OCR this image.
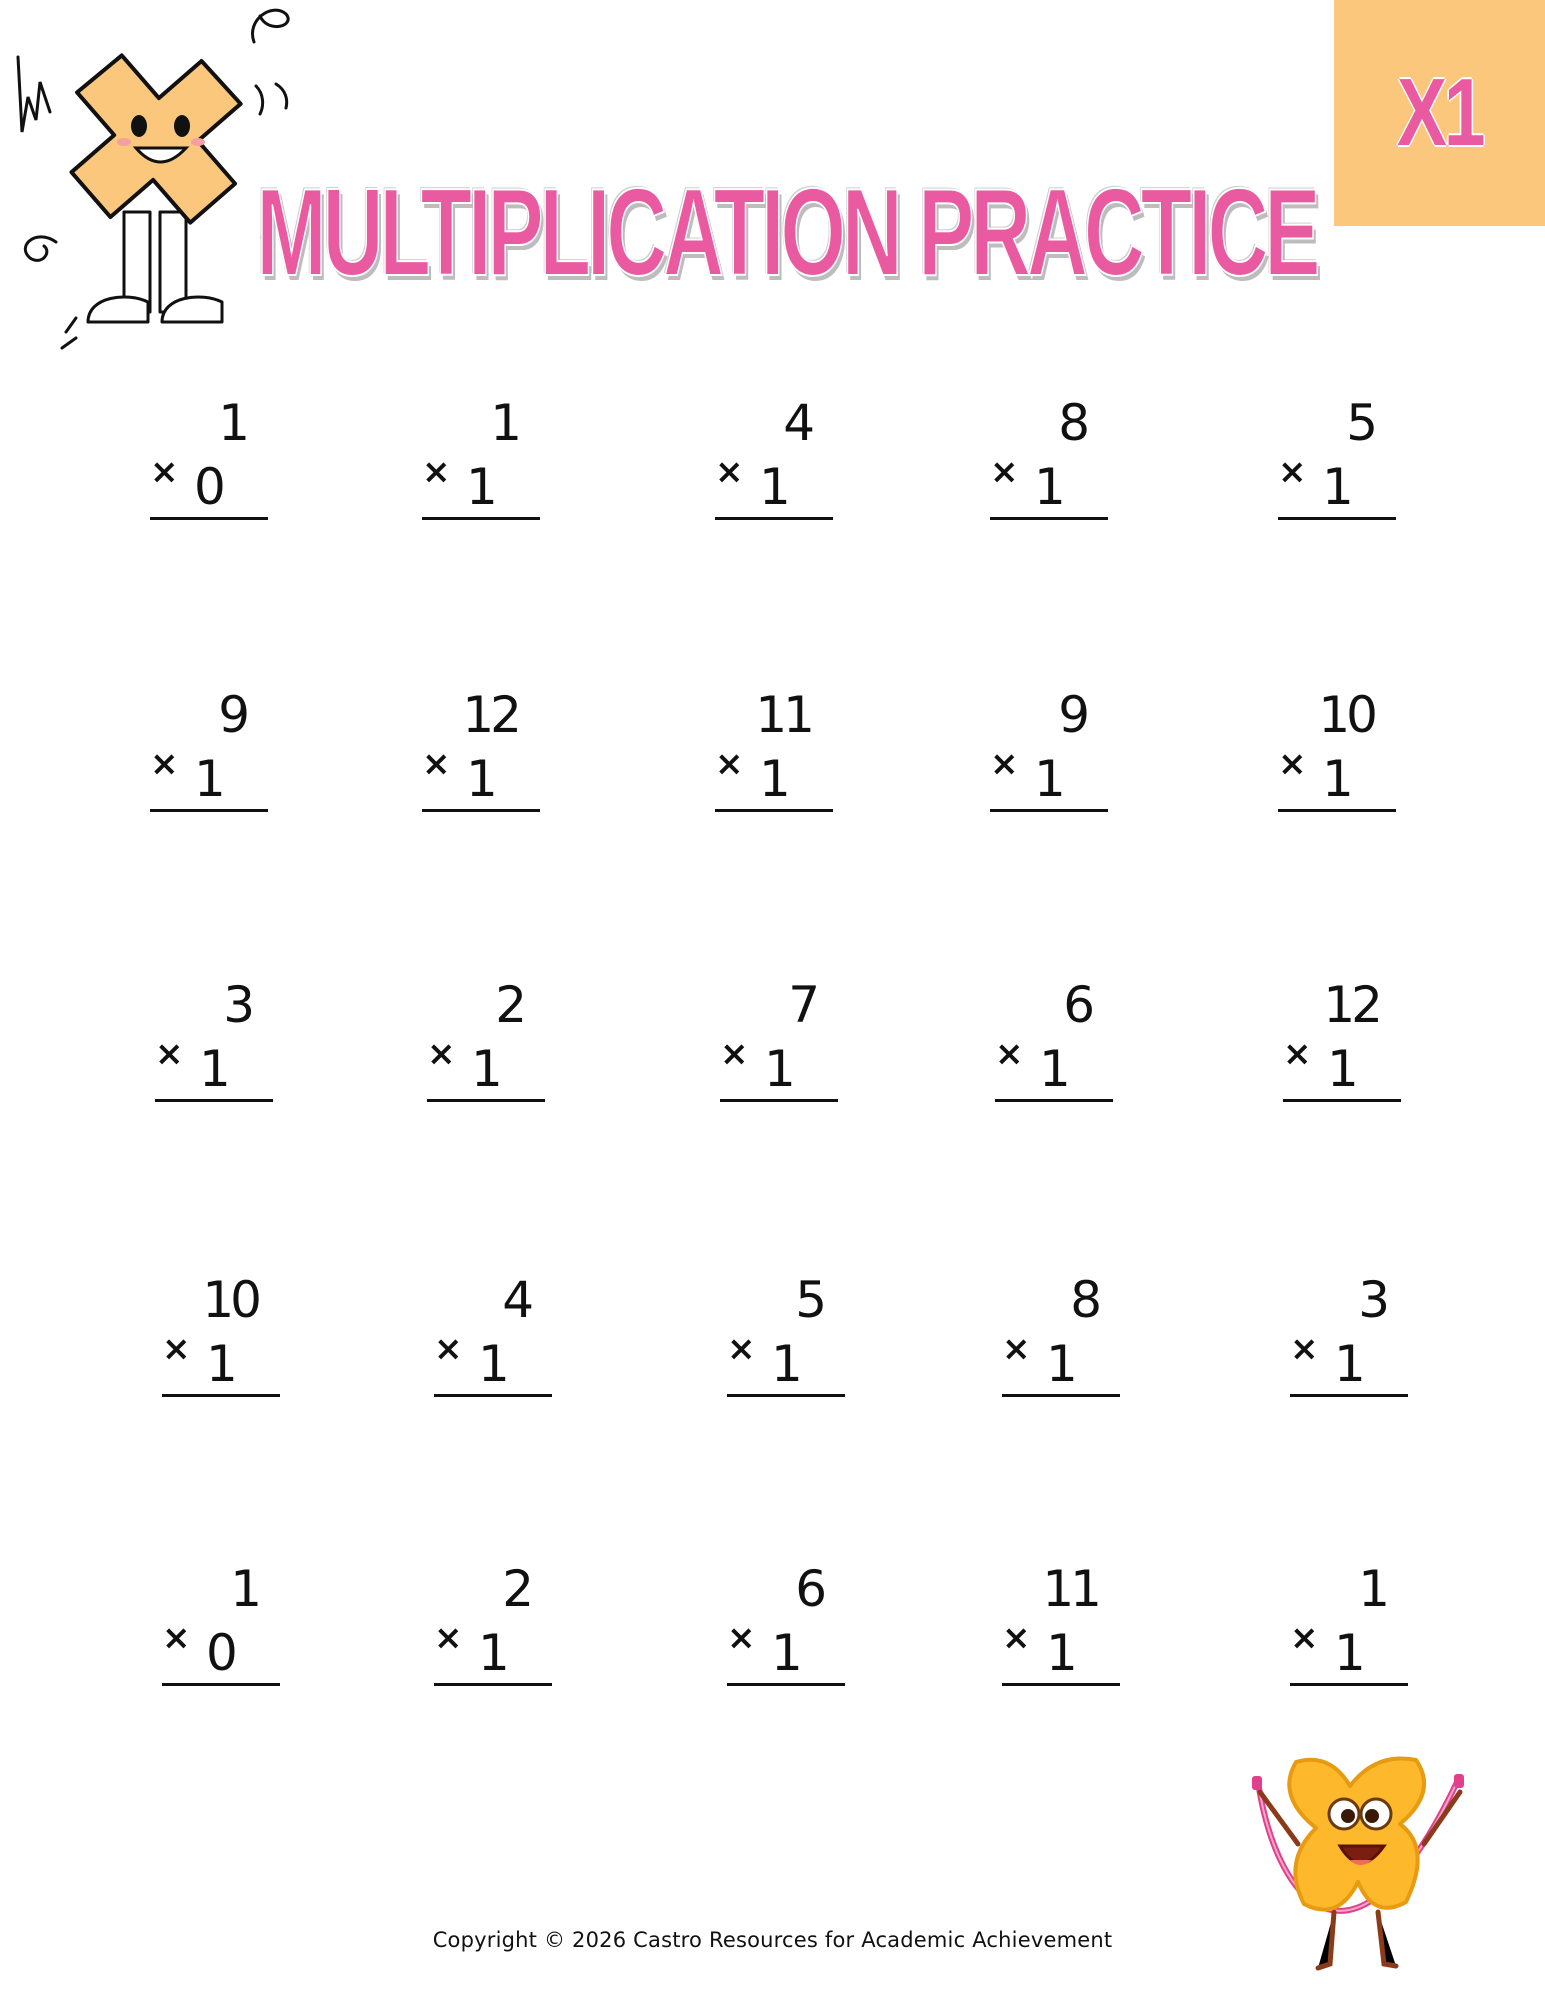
X1
MULTIPLICATION PRACTICE
1
× 0
1
× 1
4
× 1
8
× 1
5
× 1
9
× 1
12
× 1
11
× 1
9
× 1
10
× 1
3
× 1
2
× 1
7
× 1
6
× 1
12
× 1
10
× 1
4
× 1
5
× 1
8
× 1
3
× 1
1
× 0
2
× 1
6
× 1
11
× 1
1
× 1
Copyright © 2026 Castro Resources for Academic Achievement
